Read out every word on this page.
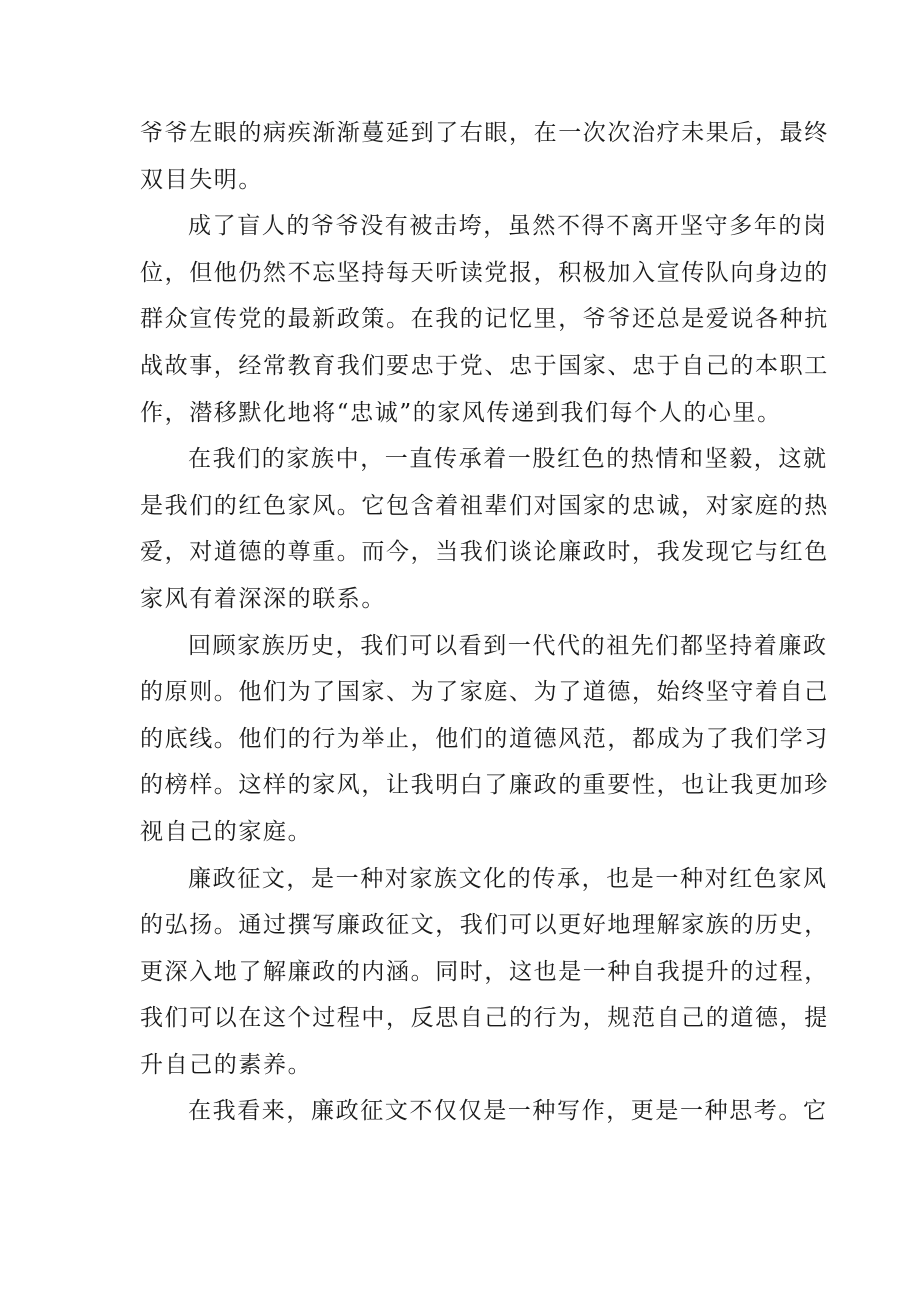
爷爷左眼的病疾渐渐蔓延到了右眼，在一次次治疗未果后，最终
双目失明。

成了盲人的爷爷没有被击垮，虽然不得不离开坚守多年的岗
位，但他仍然不忘坚持每天听读党报，积极加入宣传队向身边的
群众宣传党的最新政策。在我的记忆里，爷爷还总是爱说各种抗
战故事，经常教育我们要忠于党、忠于国家、忠于自己的本职工
作，潜移默化地将“忠诚”的家风传递到我们每个人的心里。

在我们的家族中，一直传承着一股红色的热情和坚毅，这就
是我们的红色家风。它包含着祖辈们对国家的忠诚，对家庭的热
爱，对道德的尊重。而今，当我们谈论廉政时，我发现它与红色
家风有着深深的联系。

回顾家族历史，我们可以看到一代代的祖先们都坚持着廉政
的原则。他们为了国家、为了家庭、为了道德，始终坚守着自己
的底线。他们的行为举止，他们的道德风范，都成为了我们学习
的榜样。这样的家风，让我明白了廉政的重要性，也让我更加珍
视自己的家庭。

廉政征文，是一种对家族文化的传承，也是一种对红色家风
的弘扬。通过撰写廉政征文，我们可以更好地理解家族的历史，
更深入地了解廉政的内涵。同时，这也是一种自我提升的过程，
我们可以在这个过程中，反思自己的行为，规范自己的道德，提
升自己的素养。

在我看来，廉政征文不仅仅是一种写作，更是一种思考。它
